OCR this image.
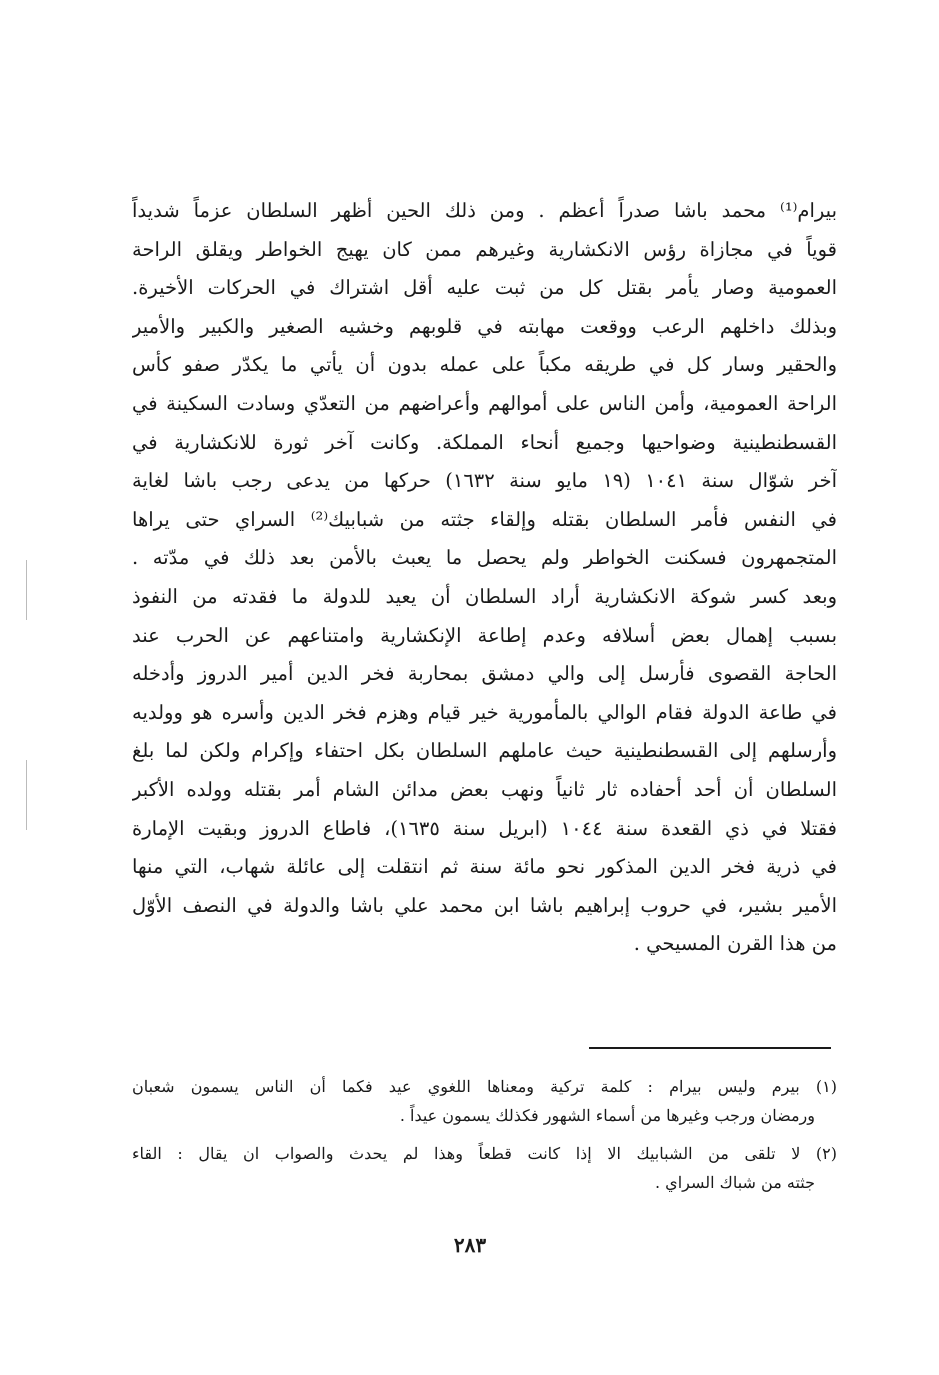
بيرام⁽¹⁾ محمد باشا صدراً أعظم . ومن ذلك الحين أظهر السلطان عزماً شديداً
قوياً في مجازاة رؤس الانكشارية وغيرهم ممن كان يهيج الخواطر ويقلق الراحة
العمومية وصار يأمر بقتل كل من ثبت عليه أقل اشتراك في الحركات الأخيرة.
وبذلك داخلهم الرعب ووقعت مهابته في قلوبهم وخشيه الصغير والكبير والأمير
والحقير وسار كل في طريقه مكباً على عمله بدون أن يأتي ما يكدّر صفو كأس
الراحة العمومية، وأمن الناس على أموالهم وأعراضهم من التعدّي وسادت السكينة في
القسطنطينية وضواحيها وجميع أنحاء المملكة. وكانت آخر ثورة للانكشارية في
آخر شوّال سنة ١٠٤١ (١٩ مايو سنة ١٦٣٢) حركها من يدعى رجب باشا لغاية
في النفس فأمر السلطان بقتله وإلقاء جثته من شبابيك⁽²⁾ السراي حتى يراها
المتجمهرون فسكنت الخواطر ولم يحصل ما يعبث بالأمن بعد ذلك في مدّته .
وبعد كسر شوكة الانكشارية أراد السلطان أن يعيد للدولة ما فقدته من النفوذ
بسبب إهمال بعض أسلافه وعدم إطاعة الإنكشارية وامتناعهم عن الحرب عند
الحاجة القصوى فأرسل إلى والي دمشق بمحاربة فخر الدين أمير الدروز وأدخله
في طاعة الدولة فقام الوالي بالمأمورية خير قيام وهزم فخر الدين وأسره هو وولديه
وأرسلهم إلى القسطنطينية حيث عاملهم السلطان بكل احتفاء وإكرام ولكن لما بلغ
السلطان أن أحد أحفاده ثار ثانياً ونهب بعض مدائن الشام أمر بقتله وولده الأكبر
فقتلا في ذي القعدة سنة ١٠٤٤ (ابريل سنة ١٦٣٥)، فاطاع الدروز وبقيت الإمارة
في ذرية فخر الدين المذكور نحو مائة سنة ثم انتقلت إلى عائلة شهاب، التي منها
الأمير بشير، في حروب إبراهيم باشا ابن محمد علي باشا والدولة في النصف الأوّل
من هذا القرن المسيحي .
(١) بيرم وليس بيرام : كلمة تركية ومعناها اللغوي عيد فكما أن الناس يسمون شعبان
ورمضان ورجب وغيرها من أسماء الشهور فكذلك يسمون عيداً .
(٢) لا تلقى من الشبابيك الا إذا كانت قطعاً وهذا لم يحدث والصواب ان يقال : القاء
جثته من شباك السراي .
٢٨٣
